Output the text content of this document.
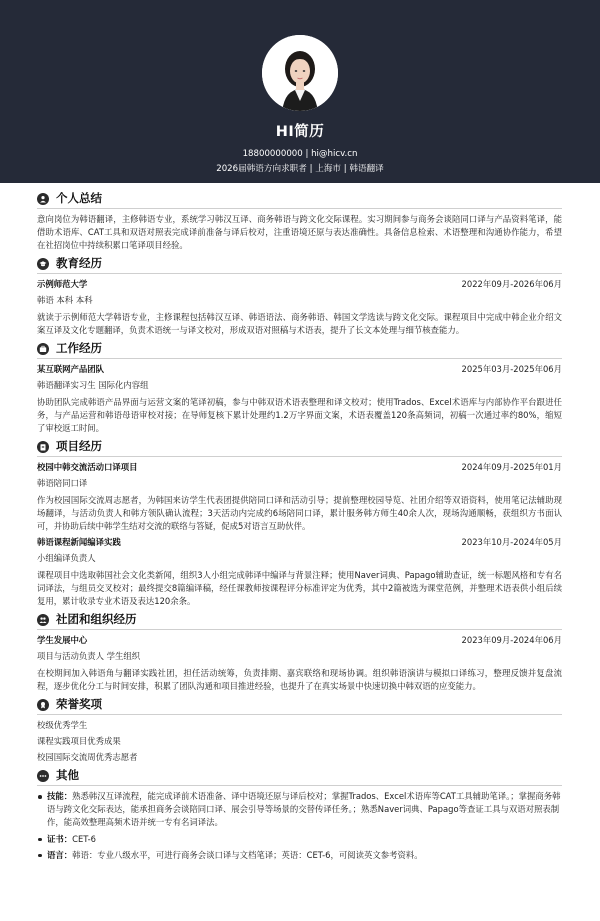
HI简历
18800000000 | hi@hicv.cn
2026届韩语方向求职者 | 上海市 | 韩语翻译
个人总结
意向岗位为韩语翻译，主修韩语专业，系统学习韩汉互译、商务韩语与跨文化交际课程。实习期间参与商务会谈陪同口译与产品资料笔译，能借助术语库、CAT工具和双语对照表完成译前准备与译后校对，注重语境还原与表达准确性。具备信息检索、术语整理和沟通协作能力，希望在社招岗位中持续积累口笔译项目经验。
教育经历
示例师范大学	2022年09月-2026年06月
韩语 本科 本科
就读于示例师范大学韩语专业，主修课程包括韩汉互译、韩语语法、商务韩语、韩国文学选读与跨文化交际。课程项目中完成中韩企业介绍文案互译及文化专题翻译，负责术语统一与译文校对，形成双语对照稿与术语表，提升了长文本处理与细节核查能力。
工作经历
某互联网产品团队	2025年03月-2025年06月
韩语翻译实习生 国际化内容组
协助团队完成韩语产品界面与运营文案的笔译初稿，参与中韩双语术语表整理和译文校对；使用Trados、Excel术语库与内部协作平台跟进任务，与产品运营和韩语母语审校对接；在导师复核下累计处理约1.2万字界面文案，术语表覆盖120条高频词，初稿一次通过率约80%，缩短了审校返工时间。
项目经历
校园中韩交流活动口译项目	2024年09月-2025年01月
韩语陪同口译
作为校园国际交流周志愿者，为韩国来访学生代表团提供陪同口译和活动引导；提前整理校园导览、社团介绍等双语资料，使用笔记法辅助现场翻译，与活动负责人和韩方领队确认流程；3天活动内完成约6场陪同口译，累计服务韩方师生40余人次，现场沟通顺畅，获组织方书面认可，并协助后续中韩学生结对交流的联络与答疑，促成5对语言互助伙伴。
韩语课程新闻编译实践	2023年10月-2024年05月
小组编译负责人
课程项目中选取韩国社会文化类新闻，组织3人小组完成韩译中编译与背景注释；使用Naver词典、Papago辅助查证，统一标题风格和专有名词译法，与组员交叉校对；最终提交8篇编译稿，经任课教师按课程评分标准评定为优秀，其中2篇被选为课堂范例，并整理术语表供小组后续复用，累计收录专业术语及表达120余条。
社团和组织经历
学生发展中心	2023年09月-2024年06月
项目与活动负责人 学生组织
在校期间加入韩语角与翻译实践社团，担任活动统筹，负责排期、嘉宾联络和现场协调。组织韩语演讲与模拟口译练习，整理反馈并复盘流程，逐步优化分工与时间安排，积累了团队沟通和项目推进经验，也提升了在真实场景中快速切换中韩双语的应变能力。
荣誉奖项
校级优秀学生
课程实践项目优秀成果
校园国际交流周优秀志愿者
其他
技能：熟悉韩汉互译流程，能完成译前术语准备、译中语境还原与译后校对；掌握Trados、Excel术语库等CAT工具辅助笔译。；掌握商务韩语与跨文化交际表达，能承担商务会谈陪同口译、展会引导等场景的交替传译任务。；熟悉Naver词典、Papago等查证工具与双语对照表制作，能高效整理高频术语并统一专有名词译法。
证书：CET-6
语言：韩语：专业八级水平，可进行商务会谈口译与文档笔译；英语：CET-6，可阅读英文参考资料。
